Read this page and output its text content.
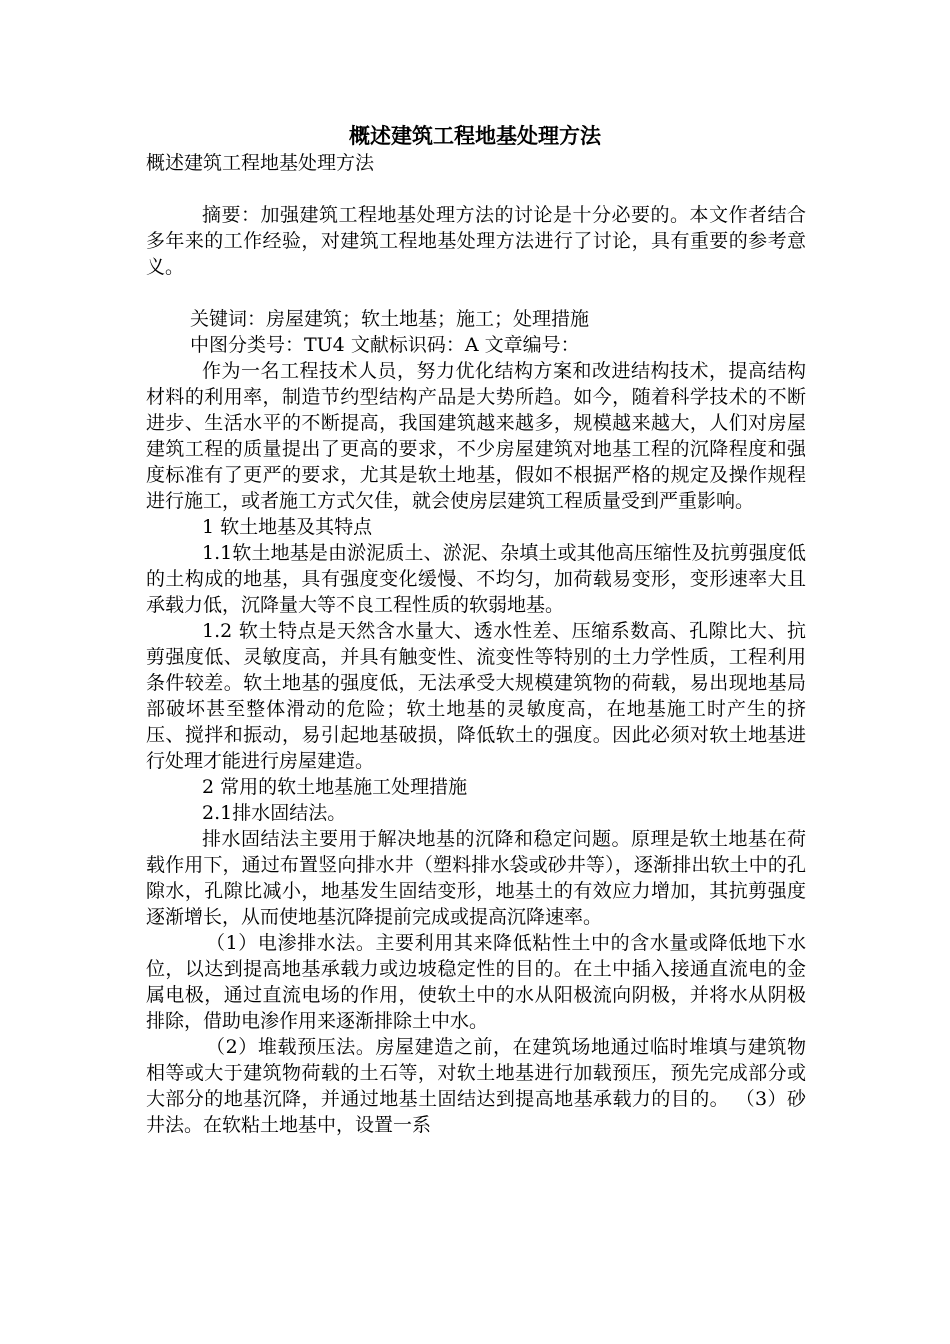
概述建筑工程地基处理方法

概述建筑工程地基处理方法

摘要：加强建筑工程地基处理方法的讨论是十分必要的。本文作者结合多年来的工作经验，对建筑工程地基处理方法进行了讨论，具有重要的参考意义。

关键词：房屋建筑；软土地基；施工；处理措施

中图分类号：TU4 文献标识码：A 文章编号：

作为一名工程技术人员，努力优化结构方案和改进结构技术，提高结构材料的利用率，制造节约型结构产品是大势所趋。如今，随着科学技术的不断进步、生活水平的不断提高，我国建筑越来越多，规模越来越大，人们对房屋建筑工程的质量提出了更高的要求，不少房屋建筑对地基工程的沉降程度和强度标准有了更严的要求，尤其是软土地基，假如不根据严格的规定及操作规程进行施工，或者施工方式欠佳，就会使房层建筑工程质量受到严重影响。

1 软土地基及其特点

1.1软土地基是由淤泥质土、淤泥、杂填土或其他高压缩性及抗剪强度低的土构成的地基，具有强度变化缓慢、不均匀，加荷载易变形，变形速率大且承载力低，沉降量大等不良工程性质的软弱地基。

1.2 软土特点是天然含水量大、透水性差、压缩系数高、孔隙比大、抗剪强度低、灵敏度高，并具有触变性、流变性等特别的土力学性质，工程利用条件较差。软土地基的强度低，无法承受大规模建筑物的荷载，易出现地基局部破坏甚至整体滑动的危险；软土地基的灵敏度高，在地基施工时产生的挤压、搅拌和振动，易引起地基破损，降低软土的强度。因此必须对软土地基进行处理才能进行房屋建造。

2 常用的软土地基施工处理措施

2.1排水固结法。

排水固结法主要用于解决地基的沉降和稳定问题。原理是软土地基在荷载作用下，通过布置竖向排水井（塑料排水袋或砂井等），逐渐排出软土中的孔隙水，孔隙比减小，地基发生固结变形，地基土的有效应力增加，其抗剪强度逐渐增长，从而使地基沉降提前完成或提高沉降速率。

（1）电渗排水法。主要利用其来降低粘性土中的含水量或降低地下水位，以达到提高地基承载力或边坡稳定性的目的。在土中插入接通直流电的金属电极，通过直流电场的作用，使软土中的水从阳极流向阴极，并将水从阴极排除，借助电渗作用来逐渐排除土中水。

（2）堆载预压法。房屋建造之前，在建筑场地通过临时堆填与建筑物相等或大于建筑物荷载的土石等，对软土地基进行加载预压，预先完成部分或大部分的地基沉降，并通过地基土固结达到提高地基承载力的目的。 （3）砂井法。在软粘土地基中，设置一系
